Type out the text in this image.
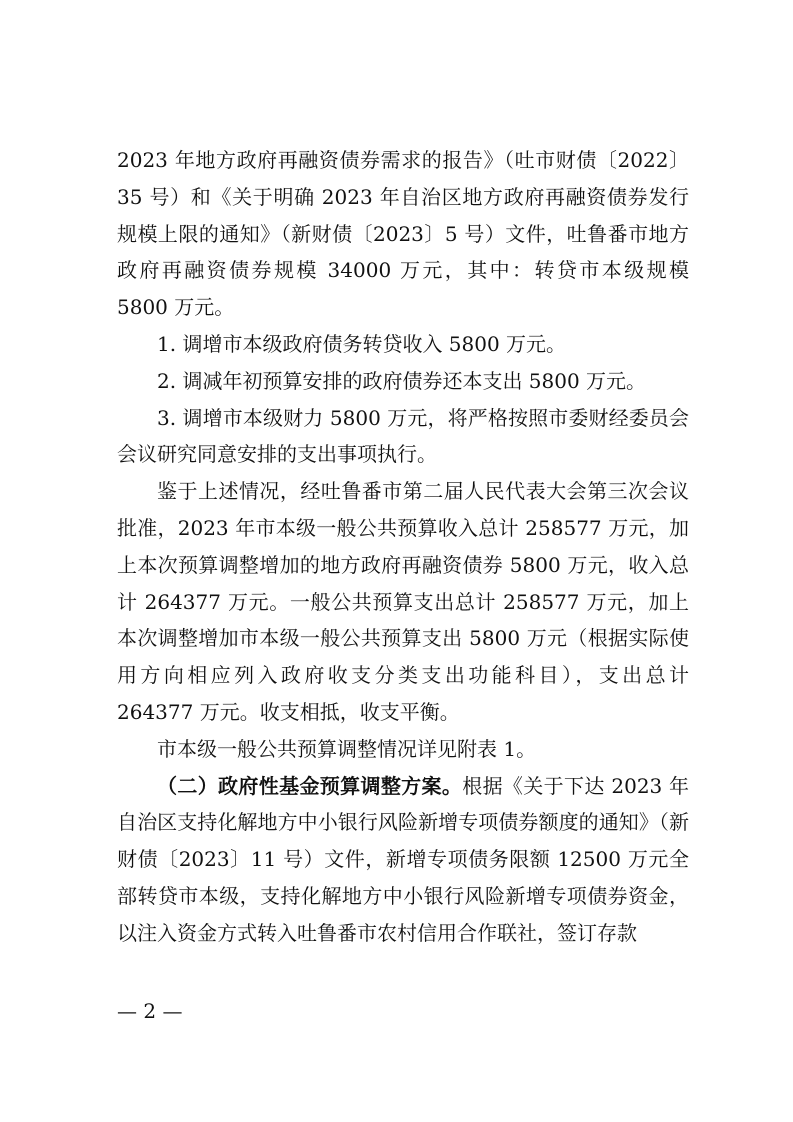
2023 年地方政府再融资债券需求的报告》（吐市财债〔2022〕35 号）和《关于明确 2023 年自治区地方政府再融资债券发行规模上限的通知》（新财债〔2023〕5 号）文件，吐鲁番市地方政府再融资债券规模 34000 万元，其中：转贷市本级规模 5800 万元。

1. 调增市本级政府债务转贷收入 5800 万元。

2. 调减年初预算安排的政府债券还本支出 5800 万元。

3. 调增市本级财力 5800 万元，将严格按照市委财经委员会会议研究同意安排的支出事项执行。

鉴于上述情况，经吐鲁番市第二届人民代表大会第三次会议批准，2023 年市本级一般公共预算收入总计 258577 万元，加上本次预算调整增加的地方政府再融资债券 5800 万元，收入总计 264377 万元。一般公共预算支出总计 258577 万元，加上本次调整增加市本级一般公共预算支出 5800 万元（根据实际使用方向相应列入政府收支分类支出功能科目），支出总计 264377 万元。收支相抵，收支平衡。

市本级一般公共预算调整情况详见附表 1。

（二）政府性基金预算调整方案。根据《关于下达 2023 年自治区支持化解地方中小银行风险新增专项债券额度的通知》（新财债〔2023〕11 号）文件，新增专项债务限额 12500 万元全部转贷市本级，支持化解地方中小银行风险新增专项债券资金，以注入资金方式转入吐鲁番市农村信用合作联社，签订存款

— 2 —
